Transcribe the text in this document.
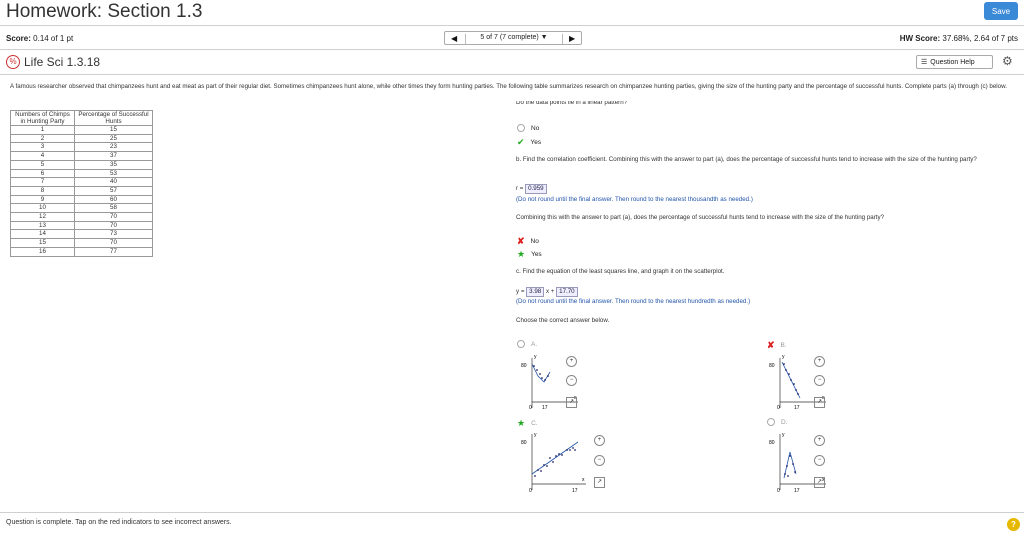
Homework: Section 1.3	Save
Score: 0.14 of 1 pt	◀	5 of 7 (7 complete) ▼	▶	HW Score: 37.68%, 2.64 of 7 pts
% Life Sci 1.3.18	☰ Question Help ⚙
A famous researcher observed that chimpanzees hunt and eat meat as part of their regular diet. Sometimes chimpanzees hunt alone, while other times they form hunting parties. The following table summarizes research on chimpanzee hunting parties, giving the size of the hunting party and the percentage of successful hunts. Complete parts (a) through (c) below.
Numbers of Chimps in Hunting Party	Percentage of Successful Hunts
1	15
2	25
3	23
4	37
5	35
6	53
7	40
8	57
9	60
10	58
12	70
13	70
14	73
15	70
16	77
Do the data points lie in a linear pattern?
No
✔ Yes
b. Find the correlation coefficient. Combining this with the answer to part (a), does the percentage of successful hunts tend to increase with the size of the hunting party?
r = 0.959
(Do not round until the final answer. Then round to the nearest thousandth as needed.)
Combining this with the answer to part (a), does the percentage of successful hunts tend to increase with the size of the hunting party?
✘ No
★ Yes
c. Find the equation of the least squares line, and graph it on the scatterplot.
y = 3.98 x + 17.70
(Do not round until the final answer. Then round to the nearest hundredth as needed.)
Choose the correct answer below.
A.
80
y
x
0 17
+
−
↗
✘ B.
80
y
x
0	17
+
−
↗
★ C.
80
y
x
0	17
+
−
↗
D.
80
y
x
0	17
+
−
↗
Question is complete. Tap on the red indicators to see incorrect answers.	?
